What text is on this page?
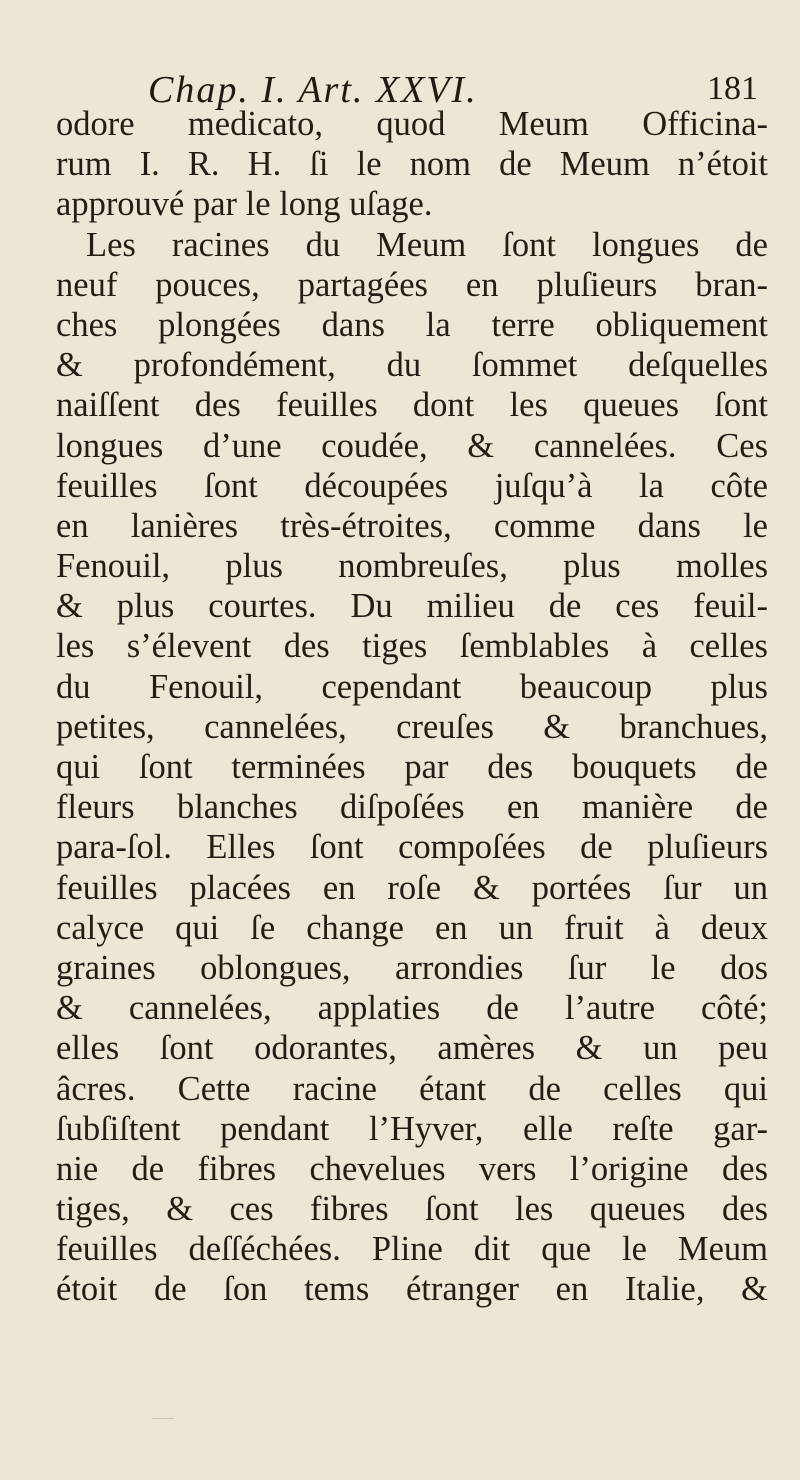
Chap. I. Art. XXVI.	181
odore medicato, quod Meum Officina-
rum I. R. H. ſi le nom de Meum n’étoit
approuvé par le long uſage.
Les racines du Meum ſont longues de
neuf pouces, partagées en pluſieurs bran-
ches plongées dans la terre obliquement
& profondément, du ſommet deſquelles
naiſſent des feuilles dont les queues ſont
longues d’une coudée, & cannelées. Ces
feuilles ſont découpées juſqu’à la côte
en lanières très-étroites, comme dans le
Fenouil, plus nombreuſes, plus molles
& plus courtes. Du milieu de ces feuil-
les s’élevent des tiges ſemblables à celles
du Fenouil, cependant beaucoup plus
petites, cannelées, creuſes & branchues,
qui ſont terminées par des bouquets de
fleurs blanches diſpoſées en manière de
para-ſol. Elles ſont compoſées de pluſieurs
feuilles placées en roſe & portées ſur un
calyce qui ſe change en un fruit à deux
graines oblongues, arrondies ſur le dos
& cannelées, applaties de l’autre côté;
elles ſont odorantes, amères & un peu
âcres. Cette racine étant de celles qui
ſubſiſtent pendant l’Hyver, elle reſte gar-
nie de fibres chevelues vers l’origine des
tiges, & ces fibres ſont les queues des
feuilles deſſéchées. Pline dit que le Meum
étoit de ſon tems étranger en Italie, &
